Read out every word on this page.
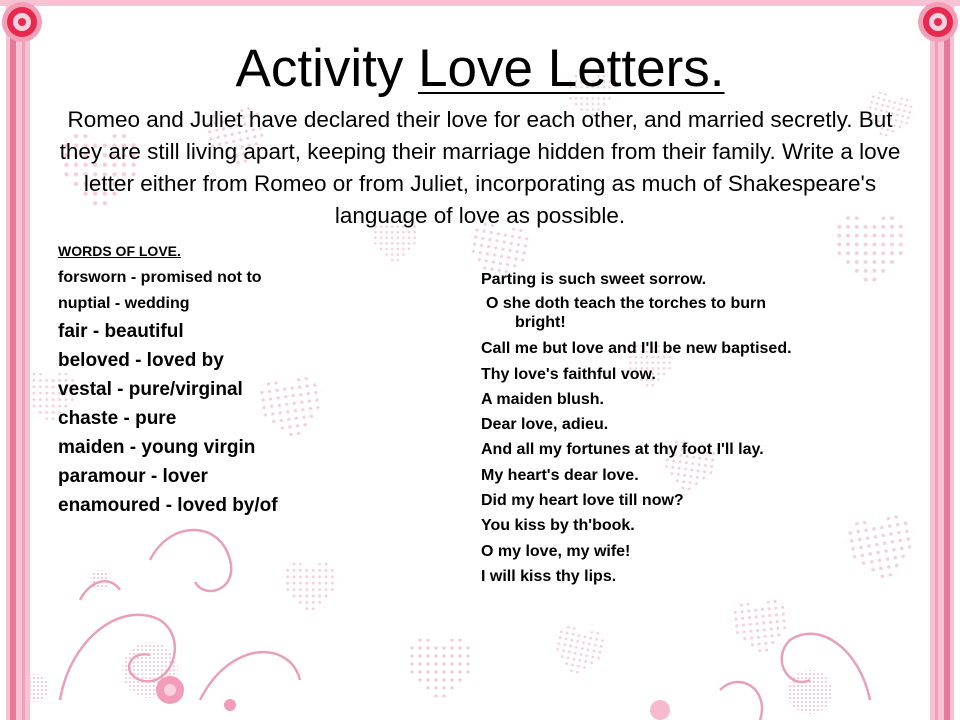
Activity Love Letters.

Romeo and Juliet have declared their love for each other, and married secretly. But they are still living apart, keeping their marriage hidden from their family. Write a love letter either from Romeo or from Juliet, incorporating as much of Shakespeare's language of love as possible.

WORDS OF LOVE.

forsworn - promised not to

nuptial - wedding

fair - beautiful

beloved - loved by

vestal - pure/virginal

chaste - pure

maiden - young virgin

paramour - lover

enamoured - loved by/of

Parting is such sweet sorrow.

O she doth teach the torches to burn
bright!

Call me but love and I'll be new baptised.

Thy love's faithful vow.

A maiden blush.

Dear love, adieu.

And all my fortunes at thy foot I'll lay.

My heart's dear love.

Did my heart love till now?

You kiss by th'book.

O my love, my wife!

I will kiss thy lips.
